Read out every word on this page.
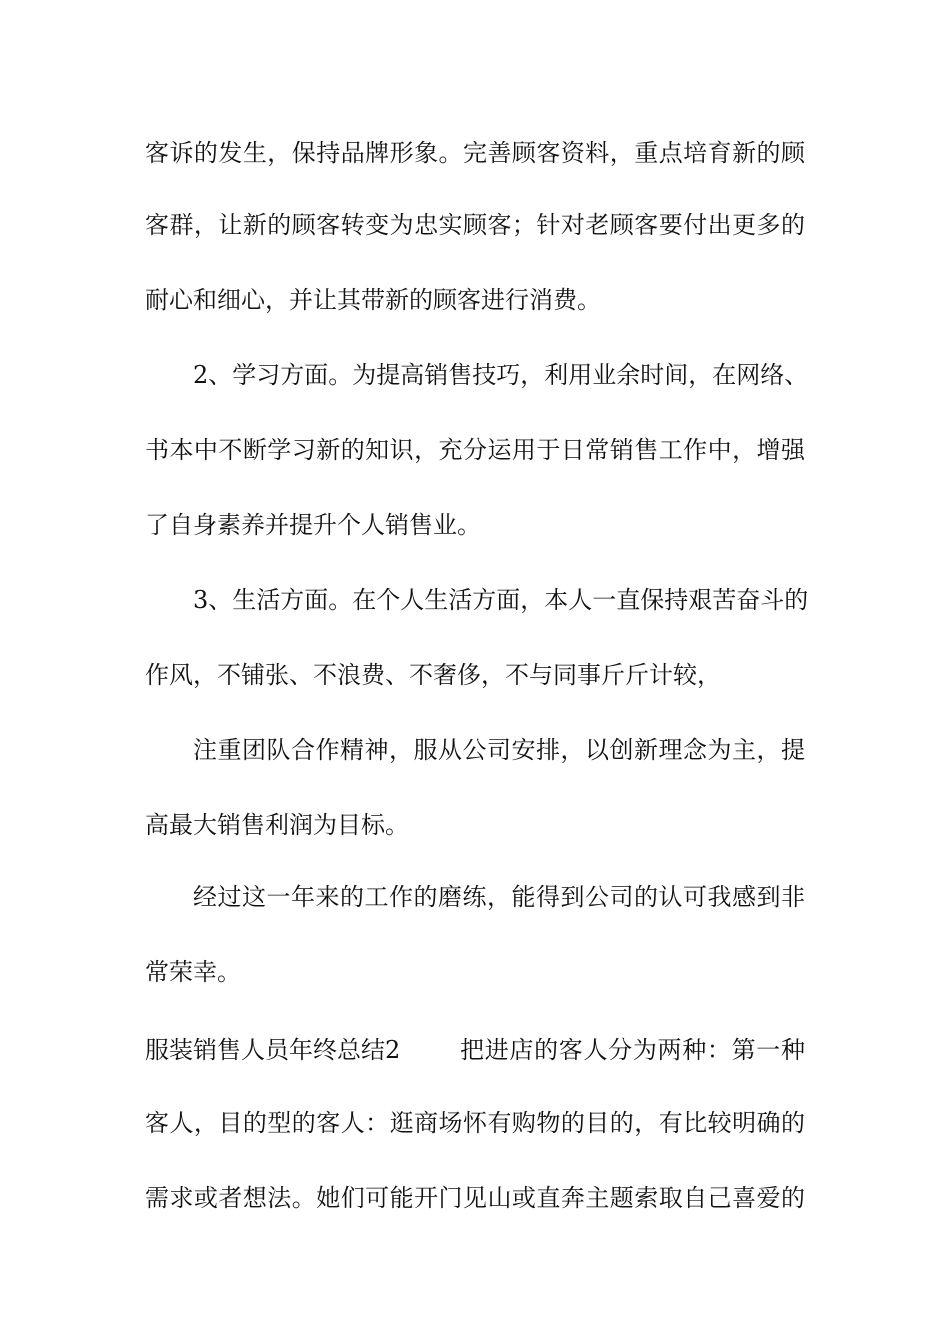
客诉的发生，保持品牌形象。完善顾客资料，重点培育新的顾
客群，让新的顾客转变为忠实顾客；针对老顾客要付出更多的
耐心和细心，并让其带新的顾客进行消费。
2、学习方面。为提高销售技巧，利用业余时间，在网络、
书本中不断学习新的知识，充分运用于日常销售工作中，增强
了自身素养并提升个人销售业。
3、生活方面。在个人生活方面，本人一直保持艰苦奋斗的
作风，不铺张、不浪费、不奢侈，不与同事斤斤计较，
注重团队合作精神，服从公司安排，以创新理念为主，提
高最大销售利润为目标。
经过这一年来的工作的磨练，能得到公司的认可我感到非
常荣幸。
服装销售人员年终总结2 把进店的客人分为两种：第一种
客人，目的型的客人：逛商场怀有购物的目的，有比较明确的
需求或者想法。她们可能开门见山或直奔主题索取自己喜爱的
